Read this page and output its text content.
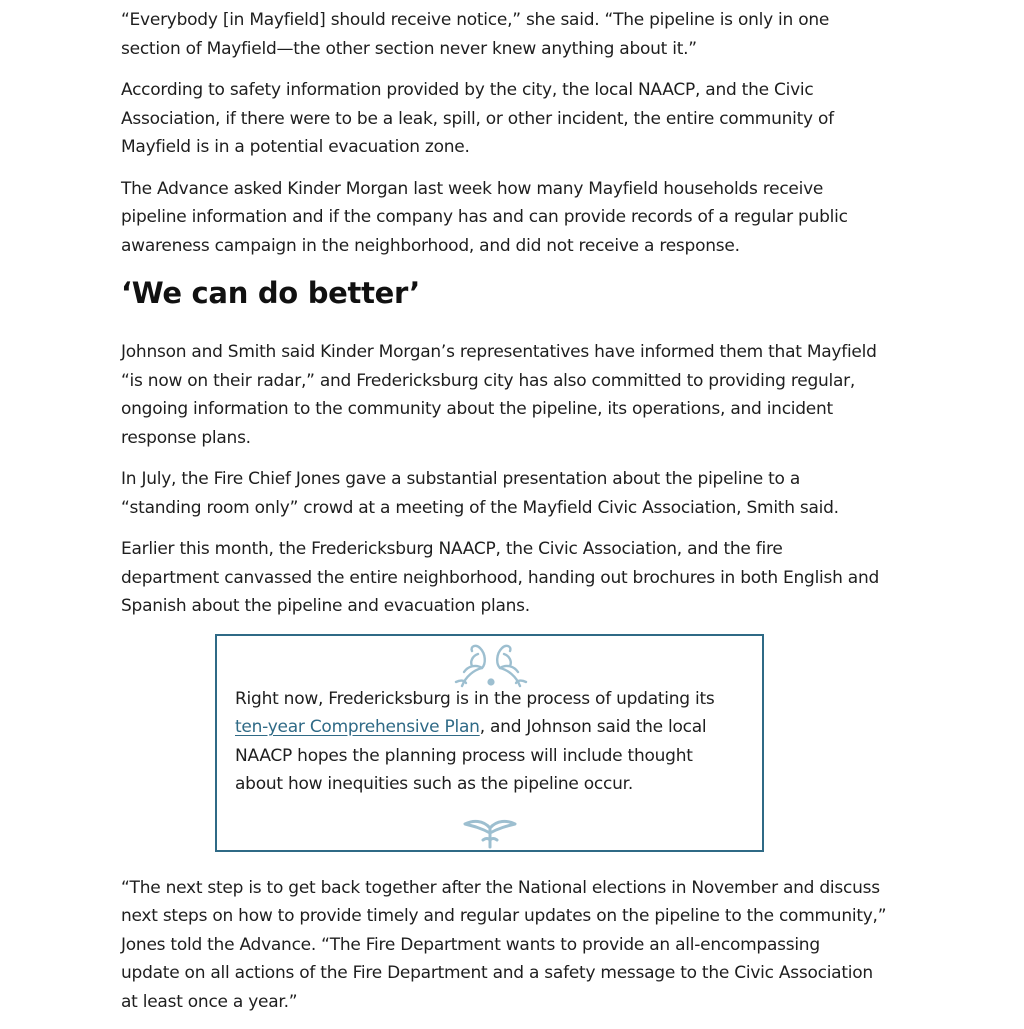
“Everybody [in Mayfield] should receive notice,” she said. “The pipeline is only in one
section of Mayfield—the other section never knew anything about it.”

According to safety information provided by the city, the local NAACP, and the Civic
Association, if there were to be a leak, spill, or other incident, the entire community of
Mayfield is in a potential evacuation zone.

The Advance asked Kinder Morgan last week how many Mayfield households receive
pipeline information and if the company has and can provide records of a regular public
awareness campaign in the neighborhood, and did not receive a response.

‘We can do better’

Johnson and Smith said Kinder Morgan’s representatives have informed them that Mayfield
“is now on their radar,” and Fredericksburg city has also committed to providing regular,
ongoing information to the community about the pipeline, its operations, and incident
response plans.

In July, the Fire Chief Jones gave a substantial presentation about the pipeline to a
“standing room only” crowd at a meeting of the Mayfield Civic Association, Smith said.

Earlier this month, the Fredericksburg NAACP, the Civic Association, and the fire
department canvassed the entire neighborhood, handing out brochures in both English and
Spanish about the pipeline and evacuation plans.

Right now, Fredericksburg is in the process of updating its ten-year Comprehensive Plan, and Johnson said the local NAACP hopes the planning process will include thought about how inequities such as the pipeline occur.

“The next step is to get back together after the National elections in November and discuss
next steps on how to provide timely and regular updates on the pipeline to the community,”
Jones told the Advance. “The Fire Department wants to provide an all-encompassing
update on all actions of the Fire Department and a safety message to the Civic Association
at least once a year.”
